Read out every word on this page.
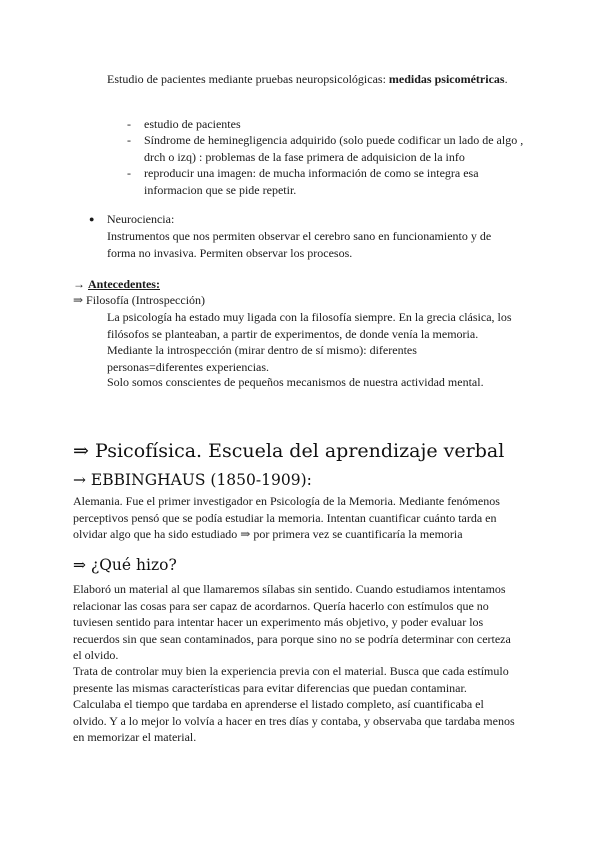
Estudio de pacientes mediante pruebas neuropsicológicas: medidas psicométricas.
- estudio de pacientes
- Síndrome de heminegligencia adquirido (solo puede codificar un lado de algo , drch o izq) : problemas de la fase primera de adquisicion de la info
- reproducir una imagen: de mucha información de como se integra esa informacion que se pide repetir.
● Neurociencia:
Instrumentos que nos permiten observar el cerebro sano en funcionamiento y de forma no invasiva. Permiten observar los procesos.
→ Antecedentes:
⇒ Filosofía (Introspección)
La psicología ha estado muy ligada con la filosofía siempre. En la grecia clásica, los filósofos se planteaban, a partir de experimentos, de donde venía la memoria.
Mediante la introspección (mirar dentro de sí mismo): diferentes personas=diferentes experiencias.
Solo somos conscientes de pequeños mecanismos de nuestra actividad mental.
⇒ Psicofísica. Escuela del aprendizaje verbal
→ EBBINGHAUS (1850-1909):
Alemania. Fue el primer investigador en Psicología de la Memoria. Mediante fenómenos perceptivos pensó que se podía estudiar la memoria. Intentan cuantificar cuánto tarda en olvidar algo que ha sido estudiado ⇒ por primera vez se cuantificaría la memoria
⇒ ¿Qué hizo?
Elaboró un material al que llamaremos sílabas sin sentido. Cuando estudiamos intentamos relacionar las cosas para ser capaz de acordarnos. Quería hacerlo con estímulos que no tuviesen sentido para intentar hacer un experimento más objetivo, y poder evaluar los recuerdos sin que sean contaminados, para porque sino no se podría determinar con certeza el olvido.
Trata de controlar muy bien la experiencia previa con el material. Busca que cada estímulo presente las mismas características para evitar diferencias que puedan contaminar. Calculaba el tiempo que tardaba en aprenderse el listado completo, así cuantificaba el olvido. Y a lo mejor lo volvía a hacer en tres días y contaba, y observaba que tardaba menos en memorizar el material.
